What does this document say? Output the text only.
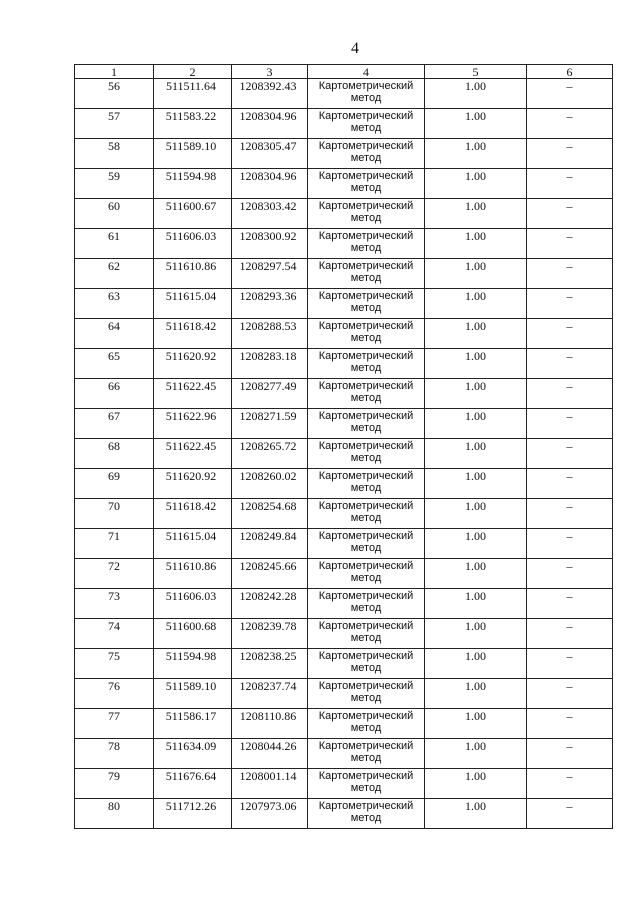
4
1	2	3	4	5	6
56	511511.64	1208392.43	Картометрический метод	1.00	–
57	511583.22	1208304.96	Картометрический метод	1.00	–
58	511589.10	1208305.47	Картометрический метод	1.00	–
59	511594.98	1208304.96	Картометрический метод	1.00	–
60	511600.67	1208303.42	Картометрический метод	1.00	–
61	511606.03	1208300.92	Картометрический метод	1.00	–
62	511610.86	1208297.54	Картометрический метод	1.00	–
63	511615.04	1208293.36	Картометрический метод	1.00	–
64	511618.42	1208288.53	Картометрический метод	1.00	–
65	511620.92	1208283.18	Картометрический метод	1.00	–
66	511622.45	1208277.49	Картометрический метод	1.00	–
67	511622.96	1208271.59	Картометрический метод	1.00	–
68	511622.45	1208265.72	Картометрический метод	1.00	–
69	511620.92	1208260.02	Картометрический метод	1.00	–
70	511618.42	1208254.68	Картометрический метод	1.00	–
71	511615.04	1208249.84	Картометрический метод	1.00	–
72	511610.86	1208245.66	Картометрический метод	1.00	–
73	511606.03	1208242.28	Картометрический метод	1.00	–
74	511600.68	1208239.78	Картометрический метод	1.00	–
75	511594.98	1208238.25	Картометрический метод	1.00	–
76	511589.10	1208237.74	Картометрический метод	1.00	–
77	511586.17	1208110.86	Картометрический метод	1.00	–
78	511634.09	1208044.26	Картометрический метод	1.00	–
79	511676.64	1208001.14	Картометрический метод	1.00	–
80	511712.26	1207973.06	Картометрический метод	1.00	–
